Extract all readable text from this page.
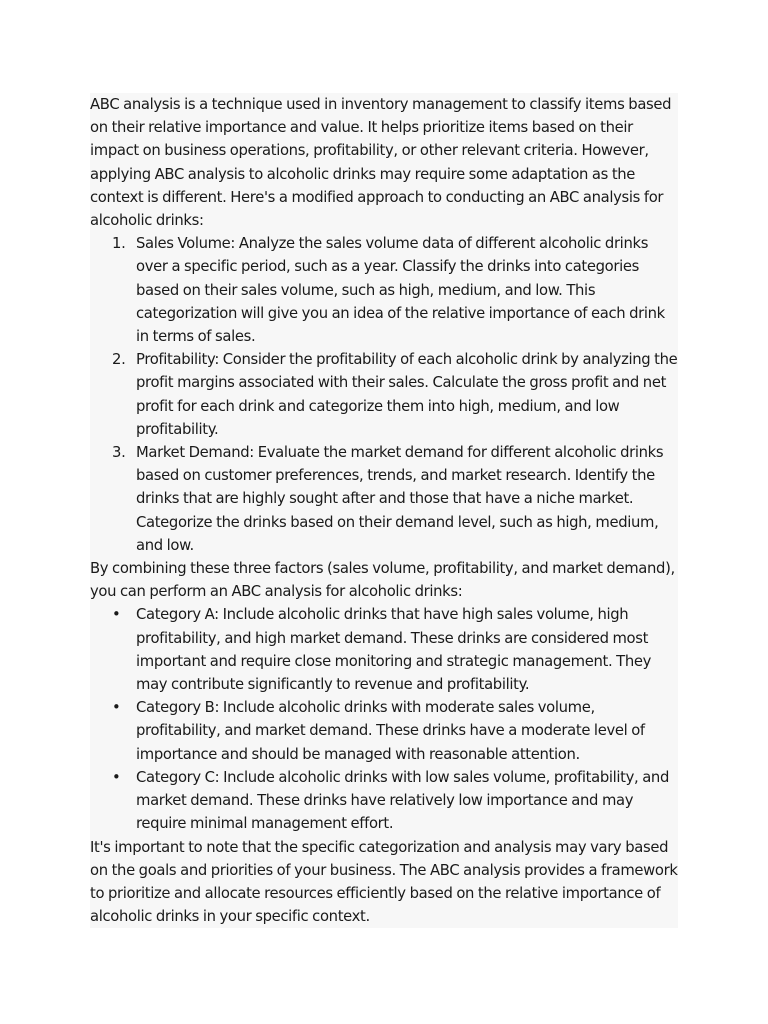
ABC analysis is a technique used in inventory management to classify items based on their relative importance and value. It helps prioritize items based on their impact on business operations, profitability, or other relevant criteria. However, applying ABC analysis to alcoholic drinks may require some adaptation as the context is different. Here's a modified approach to conducting an ABC analysis for alcoholic drinks:

1. Sales Volume: Analyze the sales volume data of different alcoholic drinks over a specific period, such as a year. Classify the drinks into categories based on their sales volume, such as high, medium, and low. This categorization will give you an idea of the relative importance of each drink in terms of sales.
2. Profitability: Consider the profitability of each alcoholic drink by analyzing the profit margins associated with their sales. Calculate the gross profit and net profit for each drink and categorize them into high, medium, and low profitability.
3. Market Demand: Evaluate the market demand for different alcoholic drinks based on customer preferences, trends, and market research. Identify the drinks that are highly sought after and those that have a niche market. Categorize the drinks based on their demand level, such as high, medium, and low.

By combining these three factors (sales volume, profitability, and market demand), you can perform an ABC analysis for alcoholic drinks:

• Category A: Include alcoholic drinks that have high sales volume, high profitability, and high market demand. These drinks are considered most important and require close monitoring and strategic management. They may contribute significantly to revenue and profitability.
• Category B: Include alcoholic drinks with moderate sales volume, profitability, and market demand. These drinks have a moderate level of importance and should be managed with reasonable attention.
• Category C: Include alcoholic drinks with low sales volume, profitability, and market demand. These drinks have relatively low importance and may require minimal management effort.

It's important to note that the specific categorization and analysis may vary based on the goals and priorities of your business. The ABC analysis provides a framework to prioritize and allocate resources efficiently based on the relative importance of alcoholic drinks in your specific context.
